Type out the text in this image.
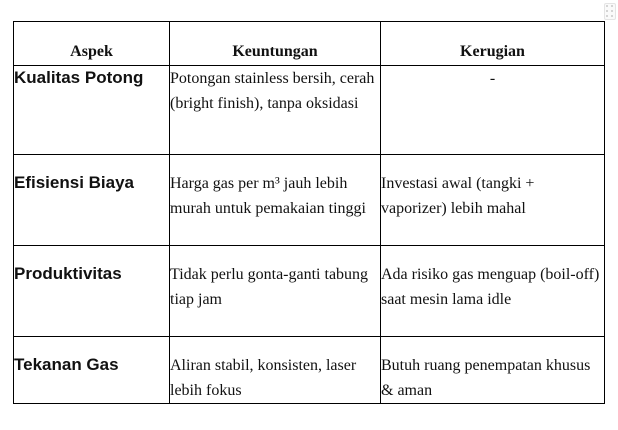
Aspek	Keuntungan	Kerugian
Kualitas Potong	Potongan stainless bersih, cerah (bright finish), tanpa oksidasi	-
Efisiensi Biaya	Harga gas per m³ jauh lebih murah untuk pemakaian tinggi	Investasi awal (tangki + vaporizer) lebih mahal
Produktivitas	Tidak perlu gonta-ganti tabung tiap jam	Ada risiko gas menguap (boil-off) saat mesin lama idle
Tekanan Gas	Aliran stabil, konsisten, laser lebih fokus	Butuh ruang penempatan khusus & aman
